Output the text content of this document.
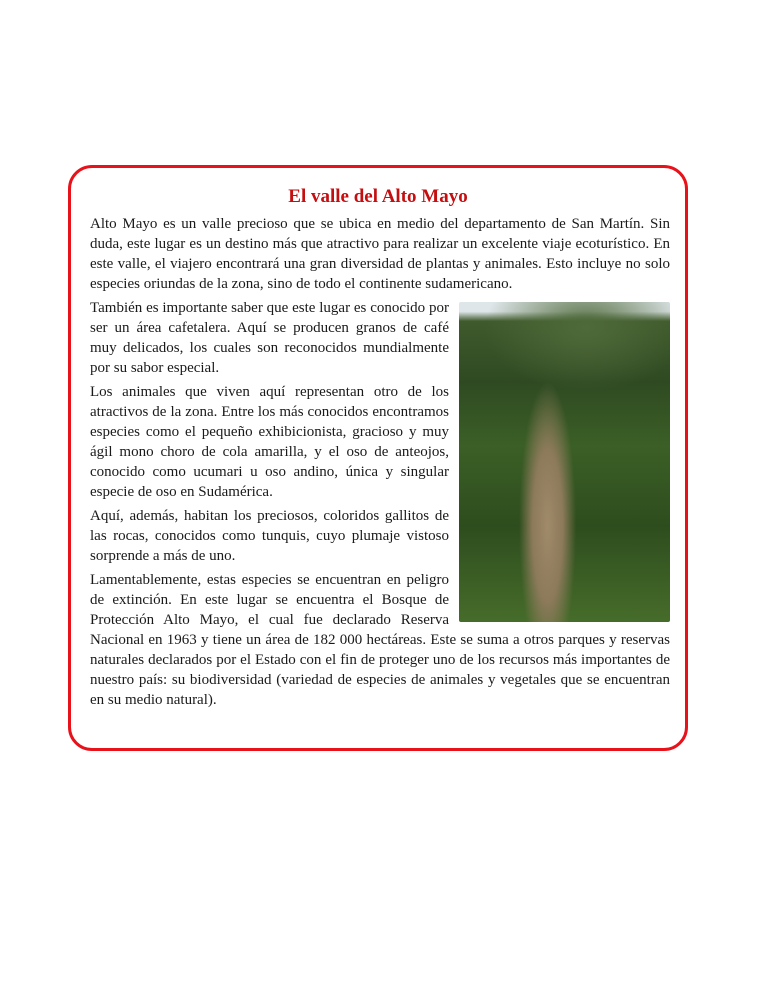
El valle del Alto Mayo

Alto Mayo es un valle precioso que se ubica en medio del departamento de San Martín. Sin duda, este lugar es un destino más que atractivo para realizar un excelente viaje ecoturístico. En este valle, el viajero encontrará una gran diversidad de plantas y animales. Esto incluye no solo especies oriundas de la zona, sino de todo el continente sudamericano.

También es importante saber que este lugar es conocido por ser un área cafetalera. Aquí se producen granos de café muy delicados, los cuales son reconocidos mundialmente por su sabor especial.

Los animales que viven aquí representan otro de los atractivos de la zona. Entre los más conocidos encontramos especies como el pequeño exhibicionista, gracioso y muy ágil mono choro de cola amarilla, y el oso de anteojos, conocido como ucumari u oso andino, única y singular especie de oso en Sudamérica.

Aquí, además, habitan los preciosos, coloridos gallitos de las rocas, conocidos como tunquis, cuyo plumaje vistoso sorprende a más de uno.

Lamentablemente, estas especies se encuentran en peligro de extinción. En este lugar se encuentra el Bosque de Protección Alto Mayo, el cual fue declarado Reserva Nacional en 1963 y tiene un área de 182 000 hectáreas. Este se suma a otros parques y reservas naturales declarados por el Estado con el fin de proteger uno de los recursos más importantes de nuestro país: su biodiversidad (variedad de especies de animales y vegetales que se encuentran en su medio natural).
